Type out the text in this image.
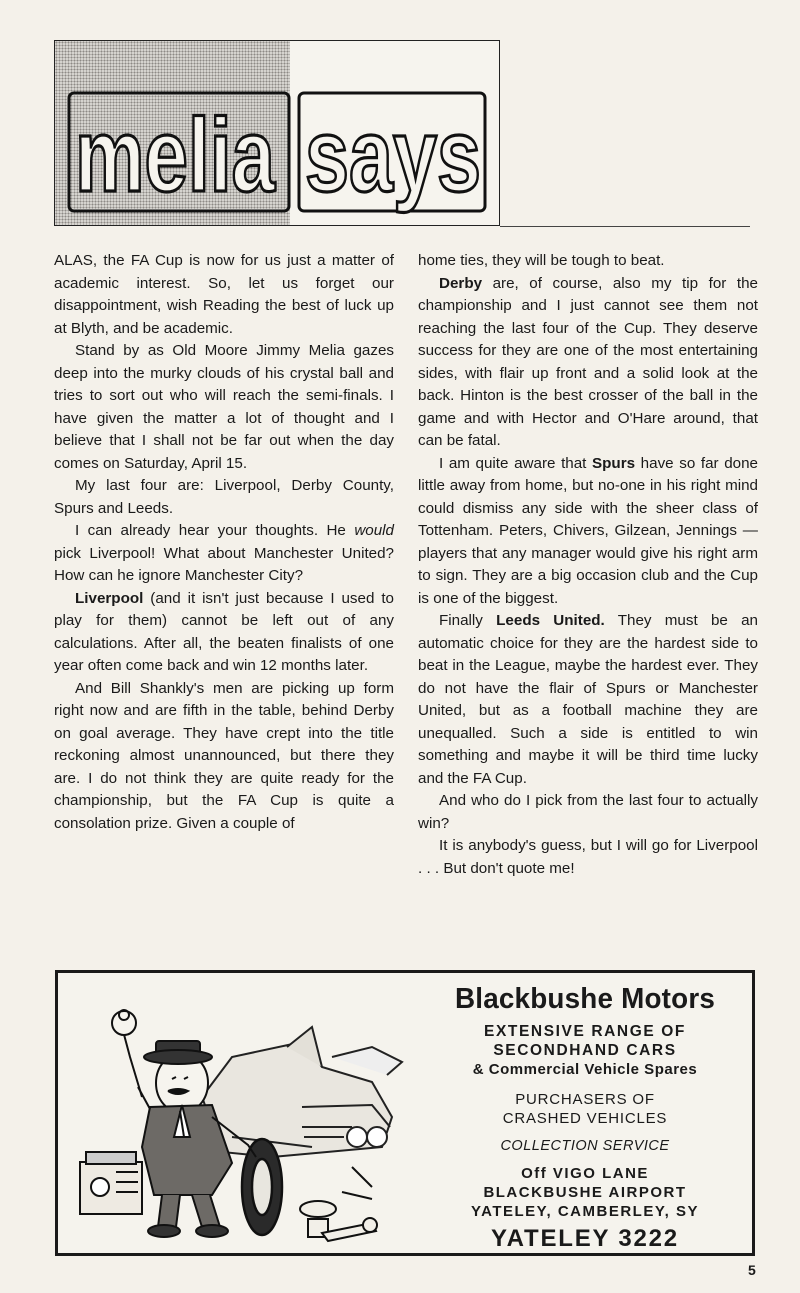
melia says

ALAS, the FA Cup is now for us just a matter of academic interest. So, let us forget our disappointment, wish Reading the best of luck up at Blyth, and be academic.

Stand by as Old Moore Jimmy Melia gazes deep into the murky clouds of his crystal ball and tries to sort out who will reach the semi-finals. I have given the matter a lot of thought and I believe that I shall not be far out when the day comes on Saturday, April 15.

My last four are: Liverpool, Derby County, Spurs and Leeds.

I can already hear your thoughts. He would pick Liverpool! What about Manchester United? How can he ignore Manchester City?

Liverpool (and it isn't just because I used to play for them) cannot be left out of any calculations. After all, the beaten finalists of one year often come back and win 12 months later.

And Bill Shankly's men are picking up form right now and are fifth in the table, behind Derby on goal average. They have crept into the title reckoning almost unannounced, but there they are. I do not think they are quite ready for the championship, but the FA Cup is quite a consolation prize. Given a couple of

home ties, they will be tough to beat.

Derby are, of course, also my tip for the championship and I just cannot see them not reaching the last four of the Cup. They deserve success for they are one of the most entertaining sides, with flair up front and a solid look at the back. Hinton is the best crosser of the ball in the game and with Hector and O'Hare around, that can be fatal.

I am quite aware that Spurs have so far done little away from home, but no-one in his right mind could dismiss any side with the sheer class of Tottenham. Peters, Chivers, Gilzean, Jennings — players that any manager would give his right arm to sign. They are a big occasion club and the Cup is one of the biggest.

Finally Leeds United. They must be an automatic choice for they are the hardest side to beat in the League, maybe the hardest ever. They do not have the flair of Spurs or Manchester United, but as a football machine they are unequalled. Such a side is entitled to win something and maybe it will be third time lucky and the FA Cup.

And who do I pick from the last four to actually win?

It is anybody's guess, but I will go for Liverpool . . . But don't quote me!

Blackbushe Motors
EXTENSIVE RANGE OF
SECONDHAND CARS
& Commercial Vehicle Spares
PURCHASERS OF
CRASHED VEHICLES
COLLECTION SERVICE
Off VIGO LANE
BLACKBUSHE AIRPORT
YATELEY, CAMBERLEY, SY
YATELEY 3222
5
